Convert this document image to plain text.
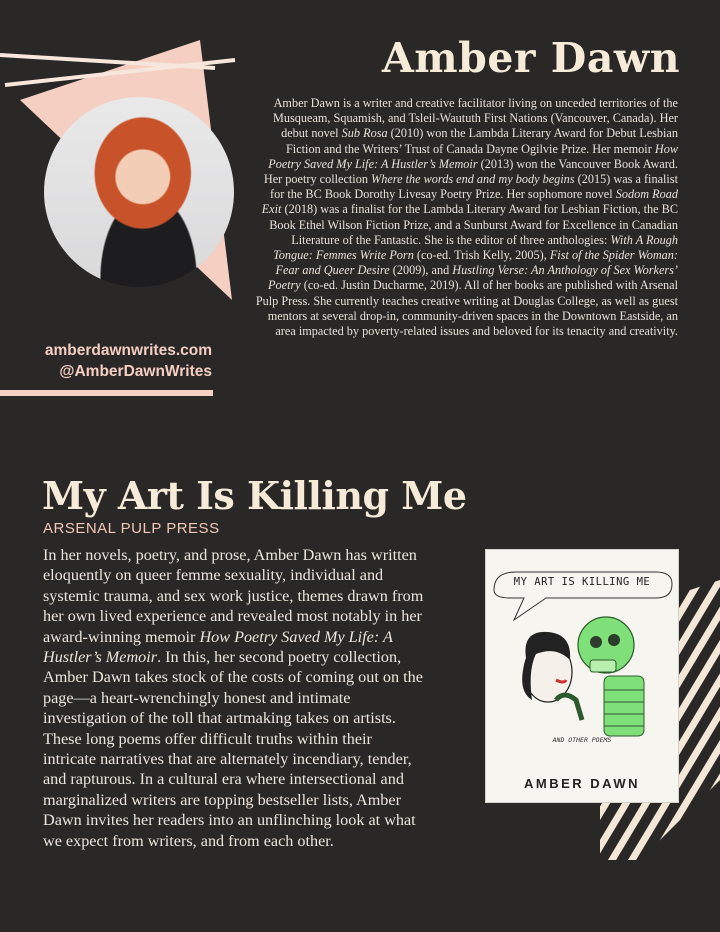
Amber Dawn

Amber Dawn is a writer and creative facilitator living on unceded territories of the Musqueam, Squamish, and Tsleil-Waututh First Nations (Vancouver, Canada). Her debut novel Sub Rosa (2010) won the Lambda Literary Award for Debut Lesbian Fiction and the Writers’ Trust of Canada Dayne Ogilvie Prize. Her memoir How Poetry Saved My Life: A Hustler’s Memoir (2013) won the Vancouver Book Award. Her poetry collection Where the words end and my body begins (2015) was a finalist for the BC Book Dorothy Livesay Poetry Prize. Her sophomore novel Sodom Road Exit (2018) was a finalist for the Lambda Literary Award for Lesbian Fiction, the BC Book Ethel Wilson Fiction Prize, and a Sunburst Award for Excellence in Canadian Literature of the Fantastic. She is the editor of three anthologies: With A Rough Tongue: Femmes Write Porn (co-ed. Trish Kelly, 2005), Fist of the Spider Woman: Fear and Queer Desire (2009), and Hustling Verse: An Anthology of Sex Workers’ Poetry (co-ed. Justin Ducharme, 2019). All of her books are published with Arsenal Pulp Press. She currently teaches creative writing at Douglas College, as well as guest mentors at several drop-in, community-driven spaces in the Downtown Eastside, an area impacted by poverty-related issues and beloved for its tenacity and creativity.

amberdawnwrites.com
@AmberDawnWrites
My Art Is Killing Me
ARSENAL PULP PRESS

In her novels, poetry, and prose, Amber Dawn has written eloquently on queer femme sexuality, individual and systemic trauma, and sex work justice, themes drawn from her own lived experience and revealed most notably in her award-winning memoir How Poetry Saved My Life: A Hustler’s Memoir. In this, her second poetry collection, Amber Dawn takes stock of the costs of coming out on the page—a heart-wrenchingly honest and intimate investigation of the toll that artmaking takes on artists. These long poems offer difficult truths within their intricate narratives that are alternately incendiary, tender, and rapturous. In a cultural era where intersectional and marginalized writers are topping bestseller lists, Amber Dawn invites her readers into an unflinching look at what we expect from writers, and from each other.

MY ART IS KILLING ME
AND OTHER POEMS
AMBER DAWN
